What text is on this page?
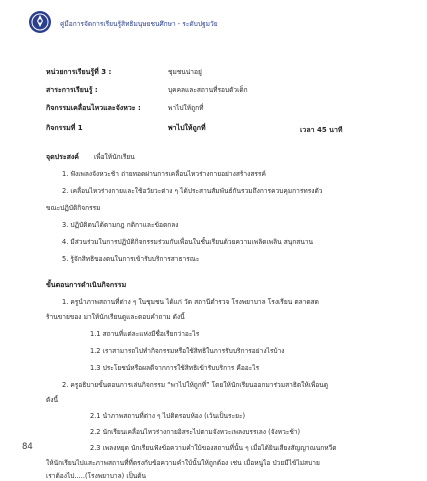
คู่มือการจัดการเรียนรู้สิทธิมนุษยชนศึกษา - ระดับปฐมวัย
หน่วยการเรียนรู้ที่ 3 :	ชุมชนน่าอยู่
สาระการเรียนรู้ :	บุคคลและสถานที่รอบตัวเด็ก
กิจกรรมเคลื่อนไหวและจังหวะ :	พาไปให้ถูกที่
กิจกรรมที่ 1	พาไปให้ถูกที่	เวลา 45 นาที
จุดประสงค์ เพื่อให้นักเรียน
1. ฟังเพลงจังหวะช้า ถ่ายทอดผ่านการเคลื่อนไหวร่างกายอย่างสร้างสรรค์
2. เคลื่อนไหวร่างกายและใช้อวัยวะต่าง ๆ ได้ประสานสัมพันธ์กันรวมถึงการควบคุมการทรงตัว
ขณะปฏิบัติกิจกรรม
3. ปฏิบัติตนได้ตามกฎ กติกาและข้อตกลง
4. มีส่วนร่วมในการปฏิบัติกิจกรรมร่วมกับเพื่อนในชั้นเรียนด้วยความเพลิดเพลิน สนุกสนาน
5. รู้จักสิทธิของตนในการเข้ารับบริการสาธารณะ
ขั้นตอนการดำเนินกิจกรรม
1. ครูนำภาพสถานที่ต่าง ๆ ในชุมชน ได้แก่ วัด สถานีตำรวจ โรงพยาบาล โรงเรียน ตลาดสด
ร้านขายของ มาให้นักเรียนดูและตอบคำถาม ดังนี้
1.1 สถานที่แต่ละแห่งมีชื่อเรียกว่าอะไร
1.2 เราสามารถไปทำกิจกรรมหรือใช้สิทธิในการรับบริการอย่างไรบ้าง
1.3 ประโยชน์หรือผลดีจากการใช้สิทธิเข้ารับบริการ คืออะไร
2. ครูอธิบายขั้นตอนการเล่นกิจกรรม “พาไปให้ถูกที่” โดยให้นักเรียนออกมาร่วมสาธิตให้เพื่อนดู
ดังนี้
2.1 นำภาพสถานที่ต่าง ๆ ไปติดรอบห้อง (เว้นเป็นระยะ)
2.2 นักเรียนเคลื่อนไหวร่างกายอิสระไปตามจังหวะเพลงบรรเลง (จังหวะช้า)
2.3 เพลงหยุด นักเรียนฟังข้อความคำใบ้ของสถานที่นั้น ๆ เมื่อได้ยินเสียงสัญญาณนกหวีด
ให้นักเรียนไปแสะภาพสถานที่ที่ตรงกับข้อความคำใบ้นั้นให้ถูกต้อง เช่น เมื่อหนูไอ ป่วยมีไข้ไม่สบาย
เราต้องไป.....(โรงพยาบาล) เป็นต้น
84
